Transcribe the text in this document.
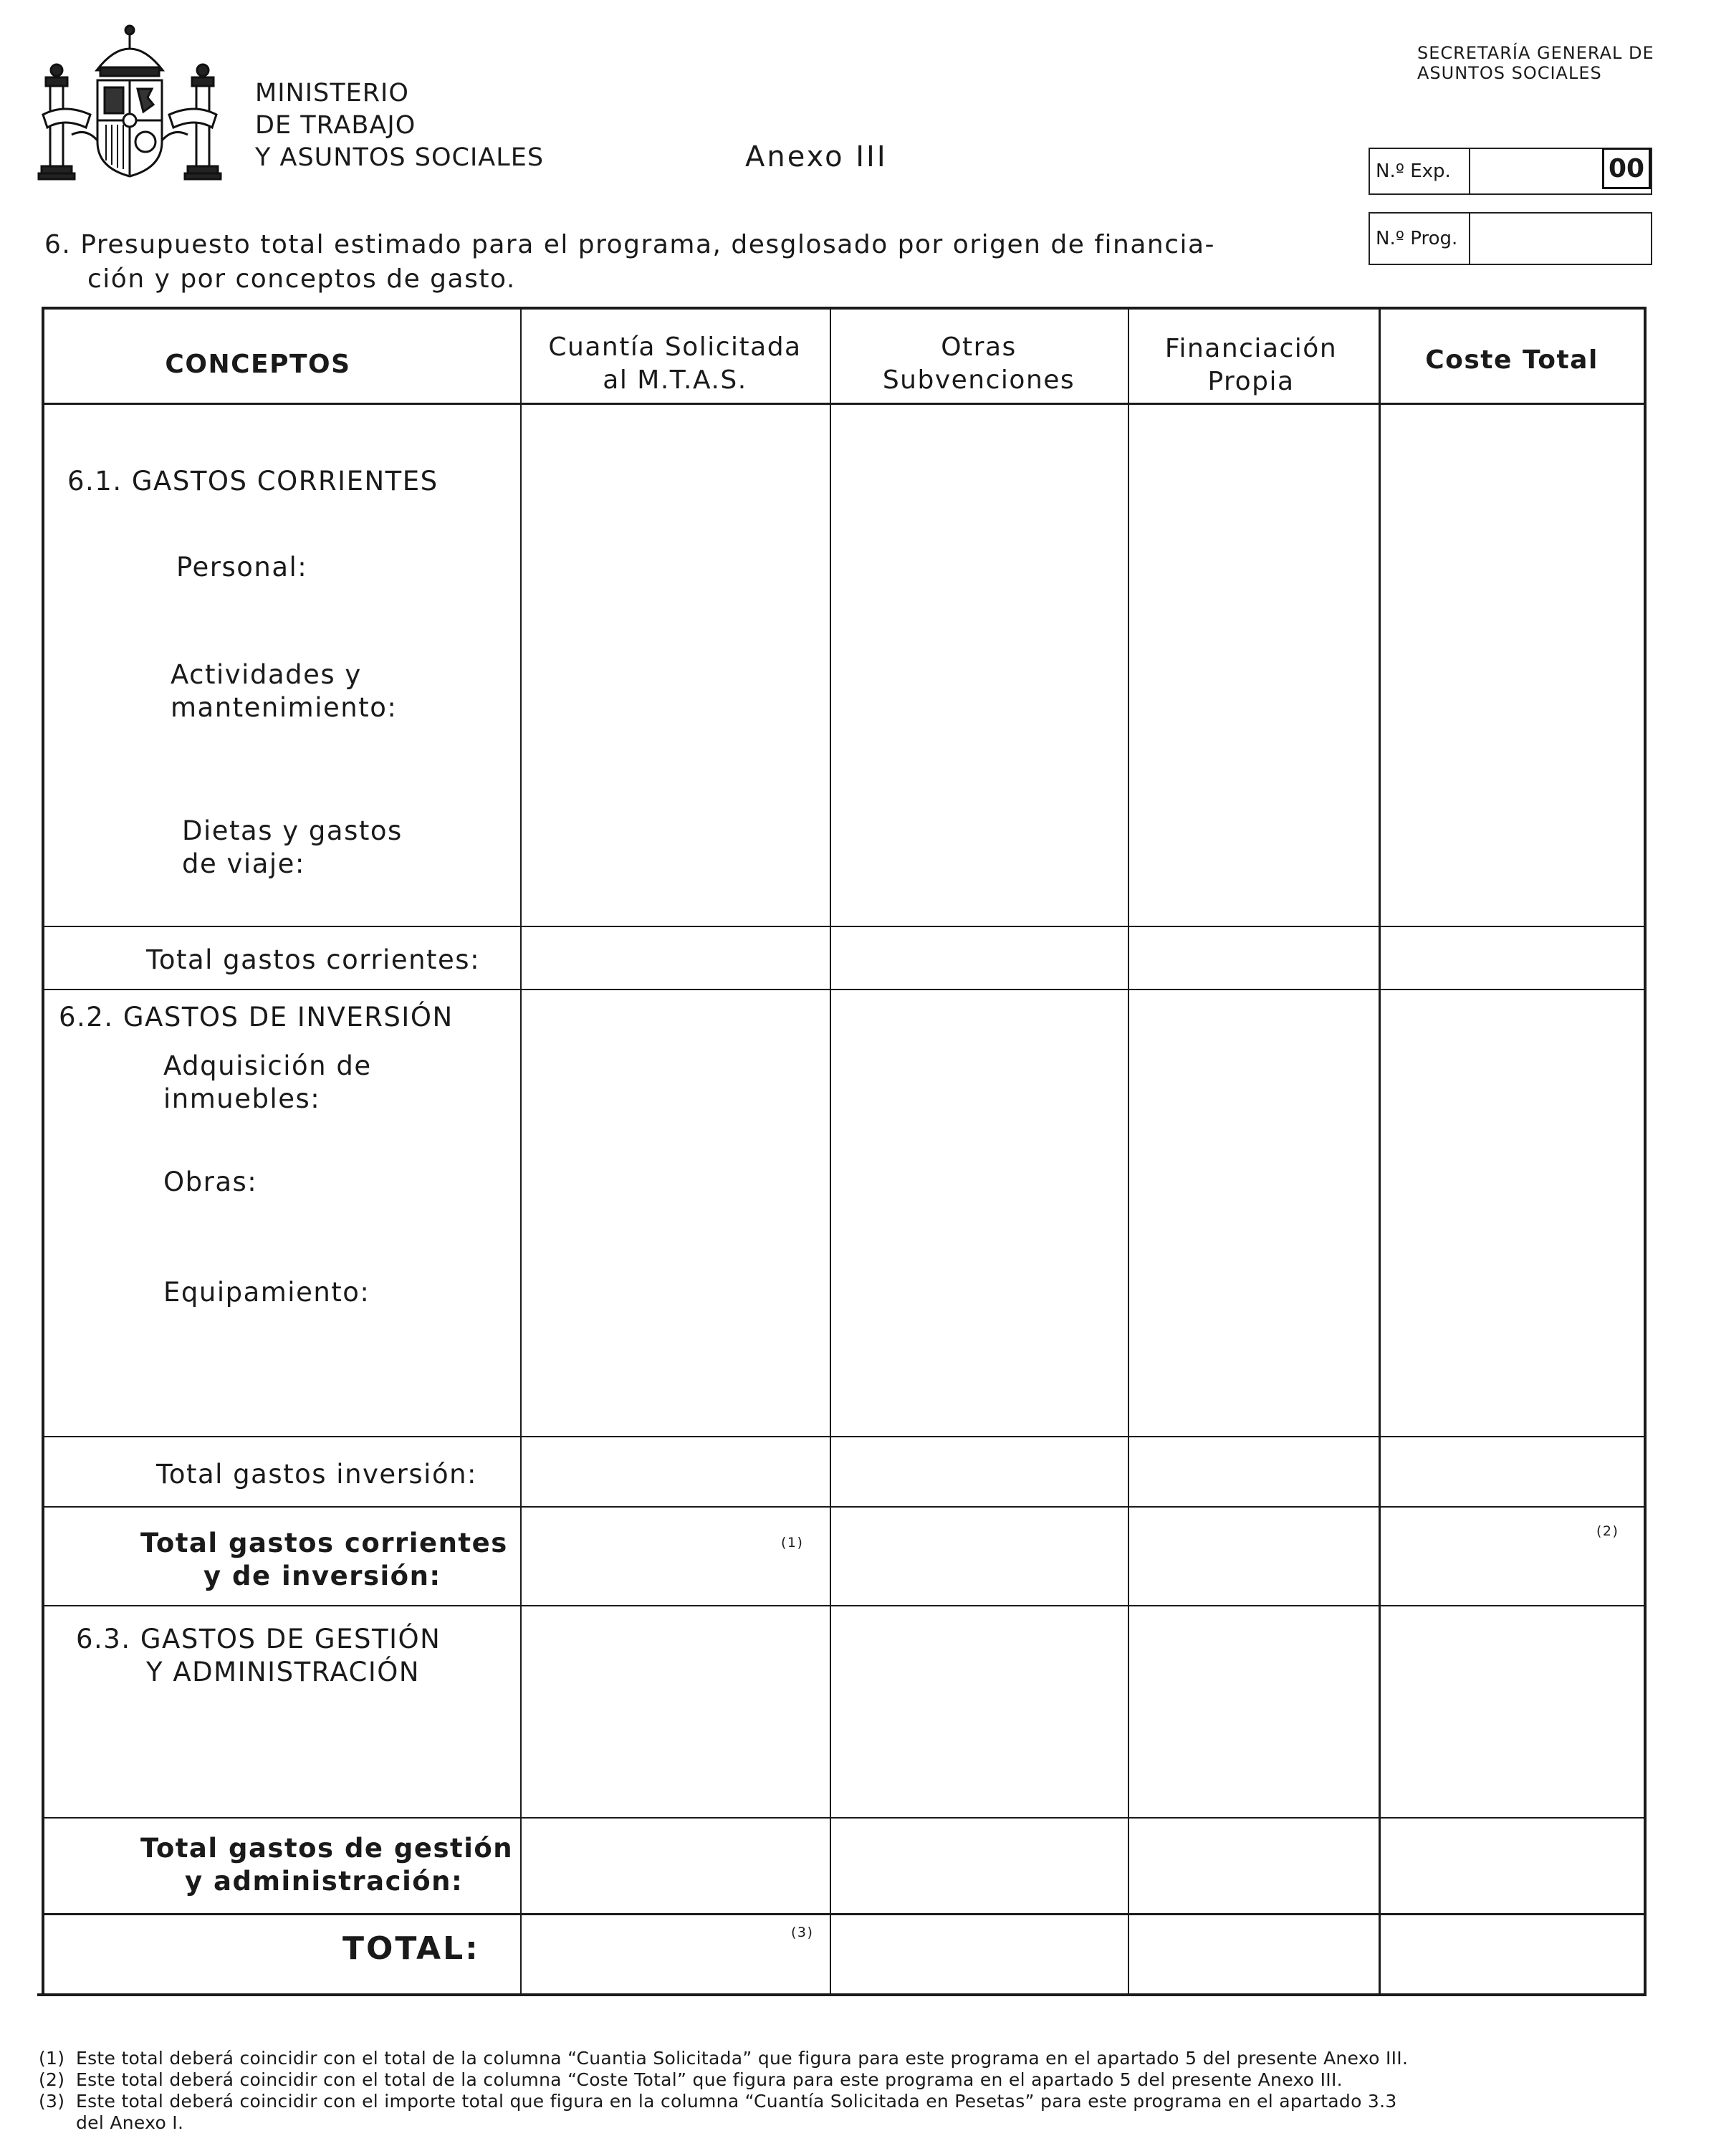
MINISTERIO
DE TRABAJO
Y ASUNTOS SOCIALES	Anexo III
SECRETARÍA GENERAL DE
ASUNTOS SOCIALES
N.º Exp.	00
N.º Prog.
6. Presupuesto total estimado para el programa, desglosado por origen de financia-
ción y por conceptos de gasto.
CONCEPTOS
Cuantía Solicitada
al M.T.A.S.
Otras
Subvenciones
Financiación
Propia
Coste Total
6.1. GASTOS CORRIENTES
Personal:
Actividades y
mantenimiento:
Dietas y gastos
de viaje:
Total gastos corrientes:
6.2. GASTOS DE INVERSIÓN
Adquisición de
inmuebles:
Obras:
Equipamiento:
Total gastos inversión:
Total gastos corrientes
y de inversión:
6.3. GASTOS DE GESTIÓN
Y ADMINISTRACIÓN
Total gastos de gestión
y administración:
TOTAL:
(1)
(2)
(3)
(1) Este total deberá coincidir con el total de la columna “Cuantia Solicitada” que figura para este programa en el apartado 5 del presente Anexo III.
(2) Este total deberá coincidir con el total de la columna “Coste Total” que figura para este programa en el apartado 5 del presente Anexo III.
(3) Este total deberá coincidir con el importe total que figura en la columna “Cuantía Solicitada en Pesetas” para este programa en el apartado 3.3
del Anexo I.
